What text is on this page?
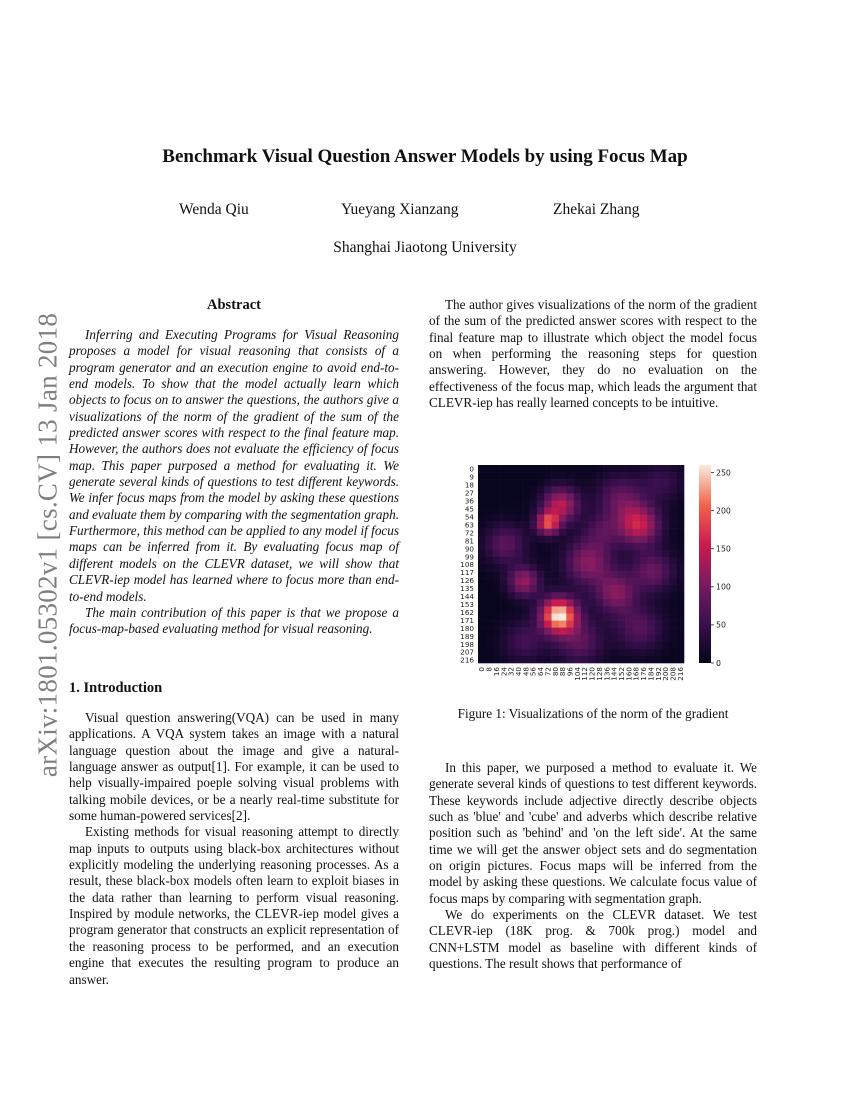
arXiv:1801.05302v1 [cs.CV] 13 Jan 2018
Benchmark Visual Question Answer Models by using Focus Map
Wenda Qiu	Yueyang Xianzang	Zhekai Zhang
Shanghai Jiaotong University
Abstract

Inferring and Executing Programs for Visual Reasoning proposes a model for visual reasoning that consists of a program generator and an execution engine to avoid end-to-end models. To show that the model actually learn which objects to focus on to answer the questions, the authors give a visualizations of the norm of the gradient of the sum of the predicted answer scores with respect to the final feature map. However, the authors does not evaluate the efficiency of focus map. This paper purposed a method for evaluating it. We generate several kinds of questions to test different keywords. We infer focus maps from the model by asking these questions and evaluate them by comparing with the segmentation graph. Furthermore, this method can be applied to any model if focus maps can be inferred from it. By evaluating focus map of different models on the CLEVR dataset, we will show that CLEVR-iep model has learned where to focus more than end-to-end models.

The main contribution of this paper is that we propose a focus-map-based evaluating method for visual reasoning.

1. Introduction

Visual question answering(VQA) can be used in many applications. A VQA system takes an image with a natural language question about the image and give a natural-language answer as output[1]. For example, it can be used to help visually-impaired poeple solving visual problems with talking mobile devices, or be a nearly real-time substitute for some human-powered services[2].

Existing methods for visual reasoning attempt to directly map inputs to outputs using black-box architectures without explicitly modeling the underlying reasoning processes. As a result, these black-box models often learn to exploit biases in the data rather than learning to perform visual reasoning. Inspired by module networks, the CLEVR-iep model gives a program generator that constructs an explicit representation of the reasoning process to be performed, and an execution engine that executes the resulting program to produce an answer.

The author gives visualizations of the norm of the gradient of the sum of the predicted answer scores with respect to the final feature map to illustrate which object the model focus on when performing the reasoning steps for question answering. However, they do no evaluation on the effectiveness of the focus map, which leads the argument that CLEVR-iep has really learned concepts to be intuitive.

0
9
18
27
36
45
54
63
72
81
90
99
108
117
126
135
144
153
162
171
180
189
198
207
216
0
8
16
24
32
40
48
56
64
72
80
88
96
104
112
120
128
136
144
152
160
168
176
184
192
200
208
216
0
50
100
150
200
250
Figure 1: Visualizations of the norm of the gradient

In this paper, we purposed a method to evaluate it. We generate several kinds of questions to test different keywords. These keywords include adjective directly describe objects such as 'blue' and 'cube' and adverbs which describe relative position such as 'behind' and 'on the left side'. At the same time we will get the answer object sets and do segmentation on origin pictures. Focus maps will be inferred from the model by asking these questions. We calculate focus value of focus maps by comparing with segmentation graph.

We do experiments on the CLEVR dataset. We test CLEVR-iep (18K prog. & 700k prog.) model and CNN+LSTM model as baseline with different kinds of questions. The result shows that performance of
